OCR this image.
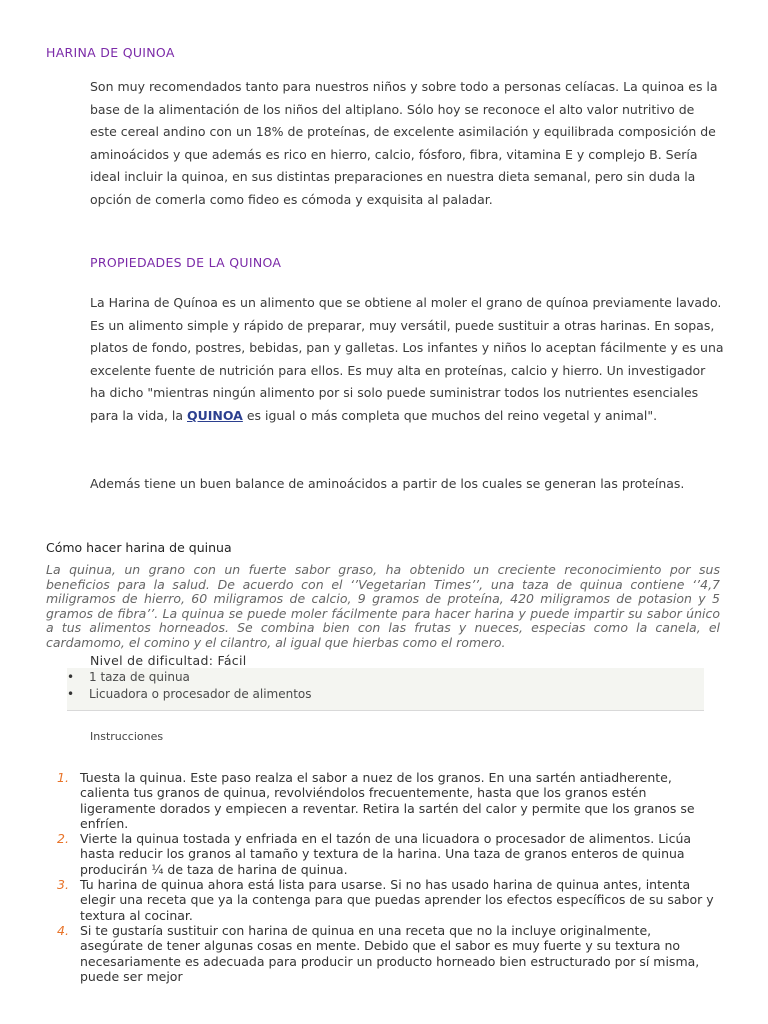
HARINA DE QUINOA

Son muy recomendados tanto para nuestros niños y sobre todo a personas celíacas. La quinoa es la base de la alimentación de los niños del altiplano. Sólo hoy se reconoce el alto valor nutritivo de este cereal andino con un 18% de proteínas, de excelente asimilación y equilibrada composición de aminoácidos y que además es rico en hierro, calcio, fósforo, fibra, vitamina E y complejo B. Sería ideal incluir la quinoa, en sus distintas preparaciones en nuestra dieta semanal, pero sin duda la opción de comerla como fideo es cómoda y exquisita al paladar.

PROPIEDADES DE LA QUINOA

La Harina de Quínoa es un alimento que se obtiene al moler el grano de quínoa previamente lavado. Es un alimento simple y rápido de preparar, muy versátil, puede sustituir a otras harinas. En sopas, platos de fondo, postres, bebidas, pan y galletas. Los infantes y niños lo aceptan fácilmente y es una excelente fuente de nutrición para ellos. Es muy alta en proteínas, calcio y hierro. Un investigador ha dicho "mientras ningún alimento por si solo puede suministrar todos los nutrientes esenciales para la vida, la QUINOA es igual o más completa que muchos del reino vegetal y animal".

Además tiene un buen balance de aminoácidos a partir de los cuales se generan las proteínas.

Cómo hacer harina de quinua

La quinua, un grano con un fuerte sabor graso, ha obtenido un creciente reconocimiento por sus beneficios para la salud. De acuerdo con el ‘’Vegetarian Times’’, una taza de quinua contiene ‘’4,7 miligramos de hierro, 60 miligramos de calcio, 9 gramos de proteína, 420 miligramos de potasion y 5 gramos de fibra’’. La quinua se puede moler fácilmente para hacer harina y puede impartir su sabor único a tus alimentos horneados. Se combina bien con las frutas y nueces, especias como la canela, el cardamomo, el comino y el cilantro, al igual que hierbas como el romero.

Nivel de dificultad: Fácil
• 1 taza de quinua
• Licuadora o procesador de alimentos
Instrucciones
1. Tuesta la quinua. Este paso realza el sabor a nuez de los granos. En una sartén antiadherente, calienta tus granos de quinua, revolviéndolos frecuentemente, hasta que los granos estén ligeramente dorados y empiecen a reventar. Retira la sartén del calor y permite que los granos se enfríen.
2. Vierte la quinua tostada y enfriada en el tazón de una licuadora o procesador de alimentos. Licúa hasta reducir los granos al tamaño y textura de la harina. Una taza de granos enteros de quinua producirán ¼ de taza de harina de quinua.
3. Tu harina de quinua ahora está lista para usarse. Si no has usado harina de quinua antes, intenta elegir una receta que ya la contenga para que puedas aprender los efectos específicos de su sabor y textura al cocinar.
4. Si te gustaría sustituir con harina de quinua en una receta que no la incluye originalmente, asegúrate de tener algunas cosas en mente. Debido que el sabor es muy fuerte y su textura no necesariamente es adecuada para producir un producto horneado bien estructurado por sí misma, puede ser mejor
